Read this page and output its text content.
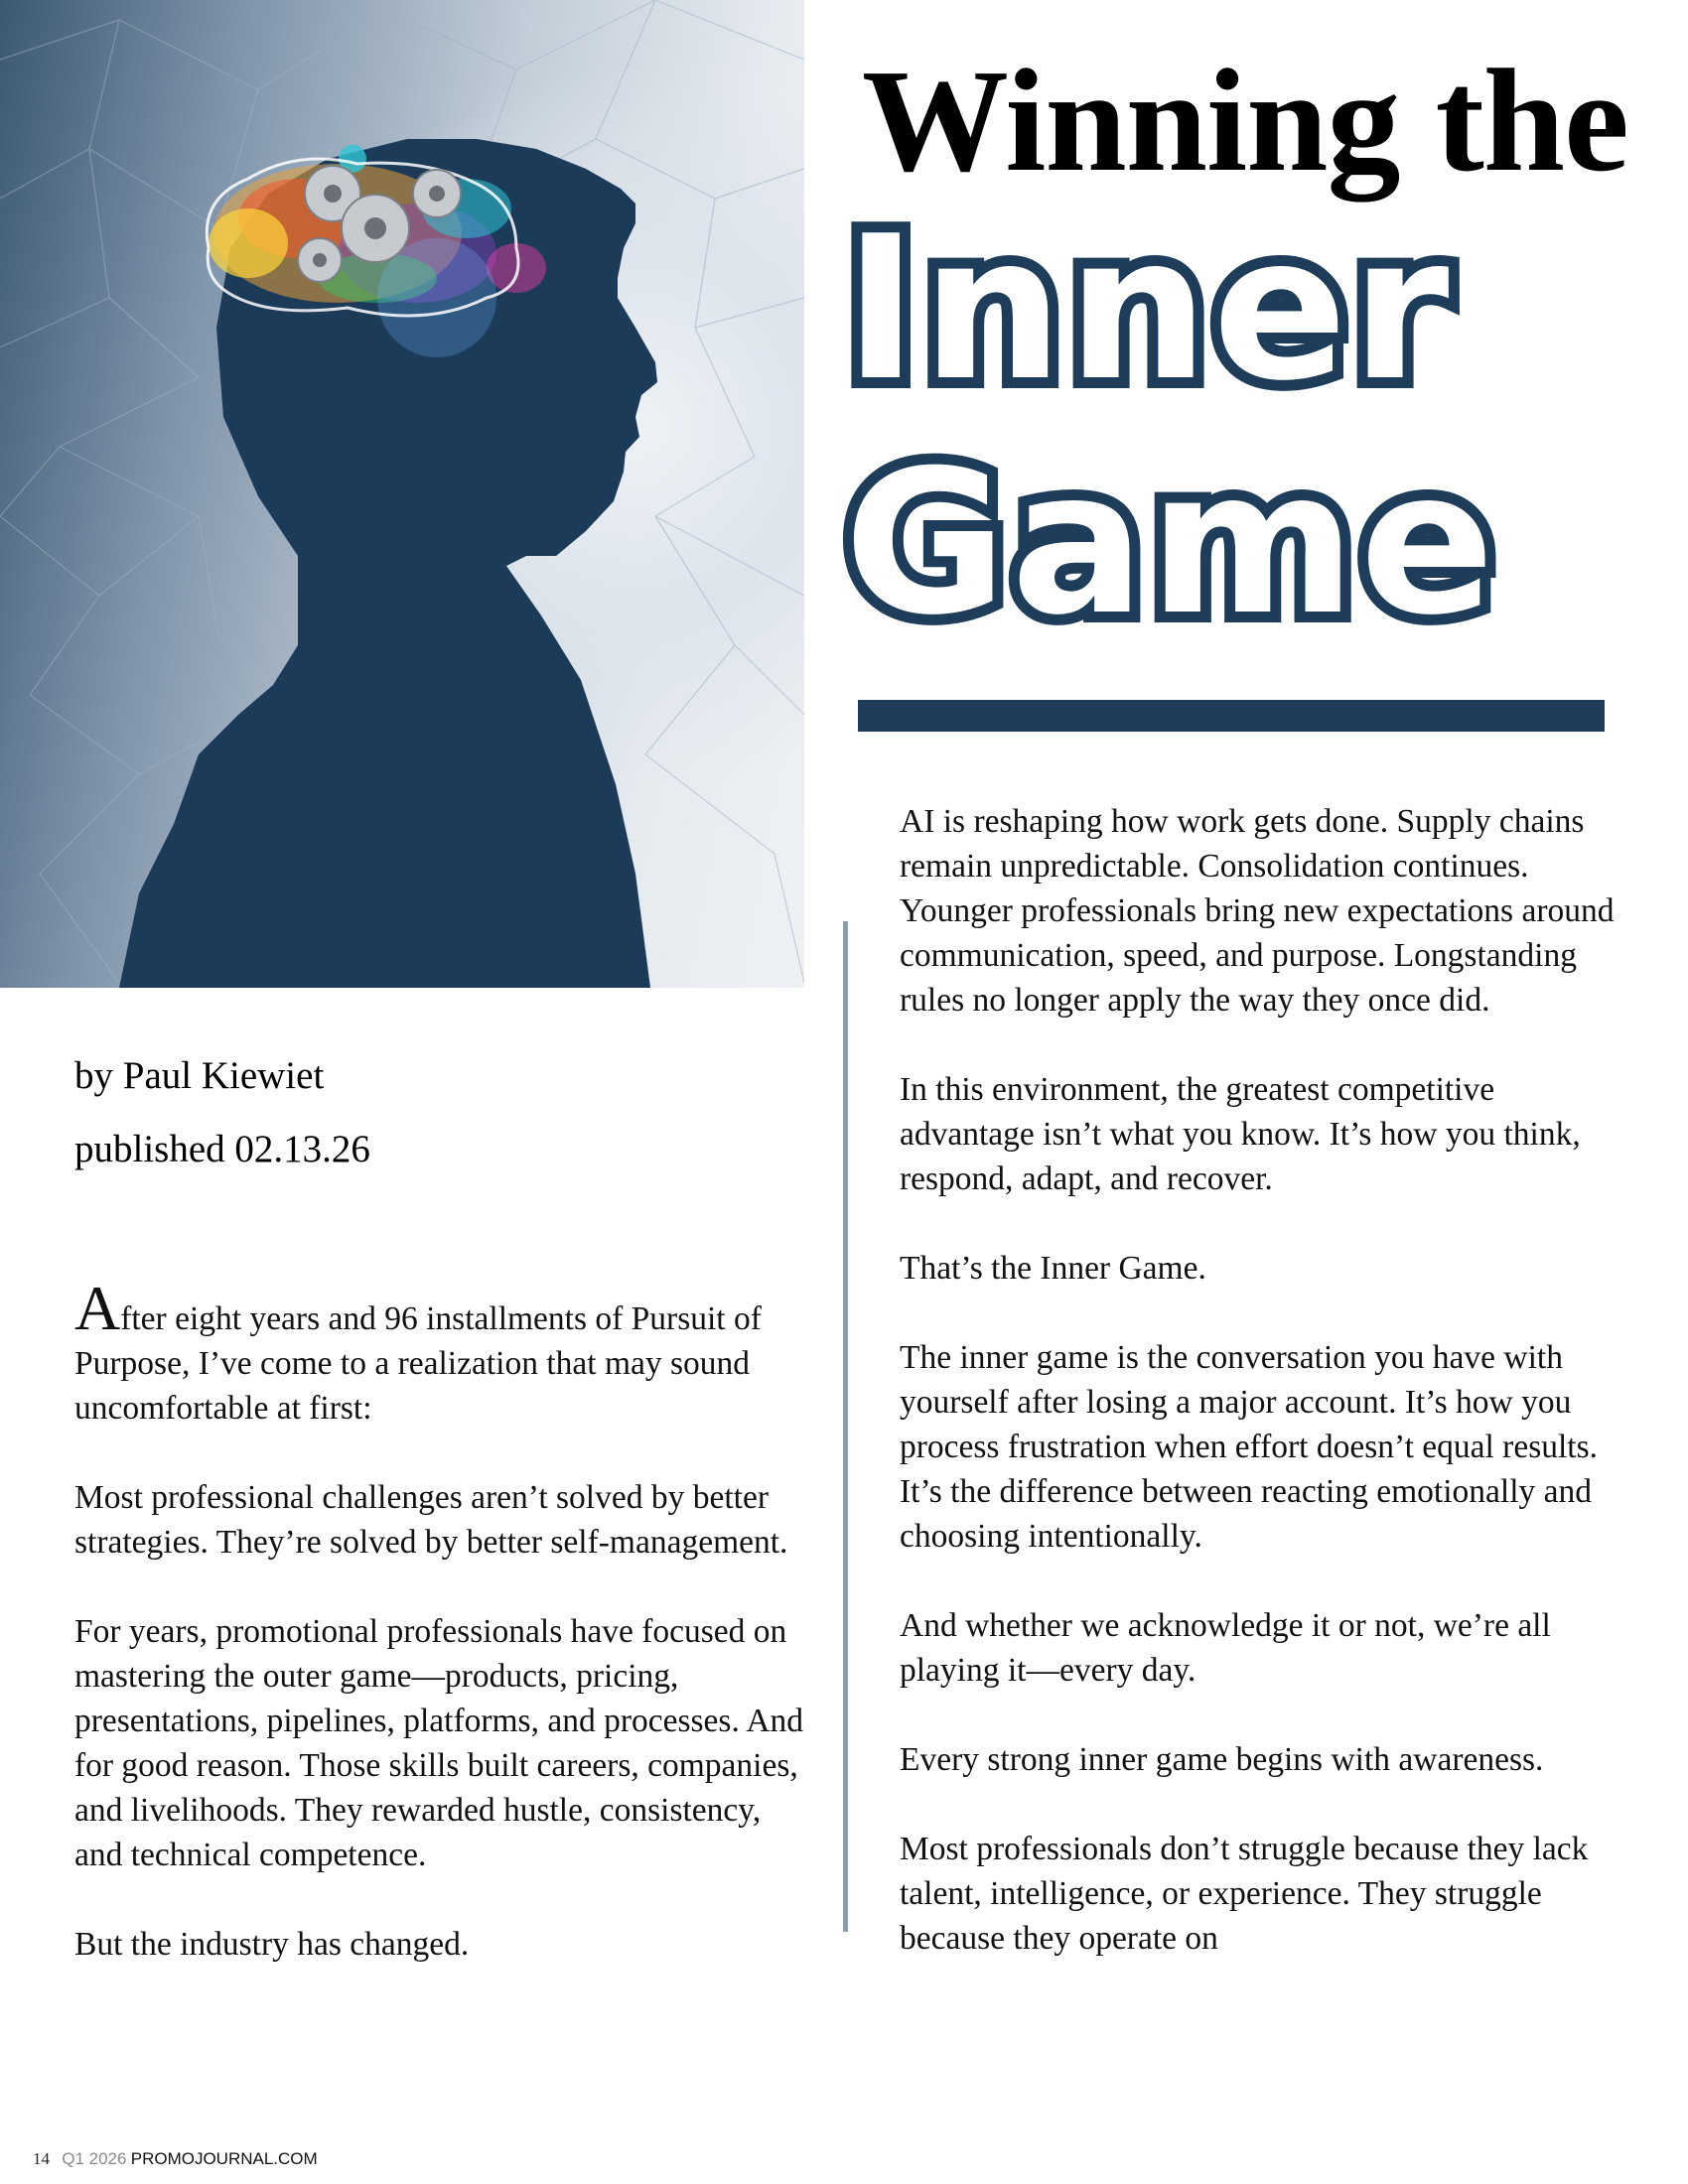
Winning the
Inner
Game
by Paul Kiewiet
published 02.13.26

After eight years and 96 installments of Pursuit of Purpose, I’ve come to a realization that may sound uncomfortable at first:

Most professional challenges aren’t solved by better strategies. They’re solved by better self-management.

For years, promotional professionals have focused on mastering the outer game—products, pricing, presentations, pipelines, platforms, and processes. And for good reason. Those skills built careers, companies, and livelihoods. They rewarded hustle, consistency, and technical competence.

But the industry has changed.

AI is reshaping how work gets done. Supply chains remain unpredictable. Consolidation continues. Younger professionals bring new expectations around communication, speed, and purpose. Longstanding rules no longer apply the way they once did.

In this environment, the greatest competitive advantage isn’t what you know. It’s how you think, respond, adapt, and recover.

That’s the Inner Game.

The inner game is the conversation you have with yourself after losing a major account. It’s how you process frustration when effort doesn’t equal results. It’s the difference between reacting emotionally and choosing intentionally.

And whether we acknowledge it or not, we’re all playing it—every day.

Every strong inner game begins with awareness.

Most professionals don’t struggle because they lack talent, intelligence, or experience. They struggle because they operate on

14 Q1 2026 PROMOJOURNAL.COM
